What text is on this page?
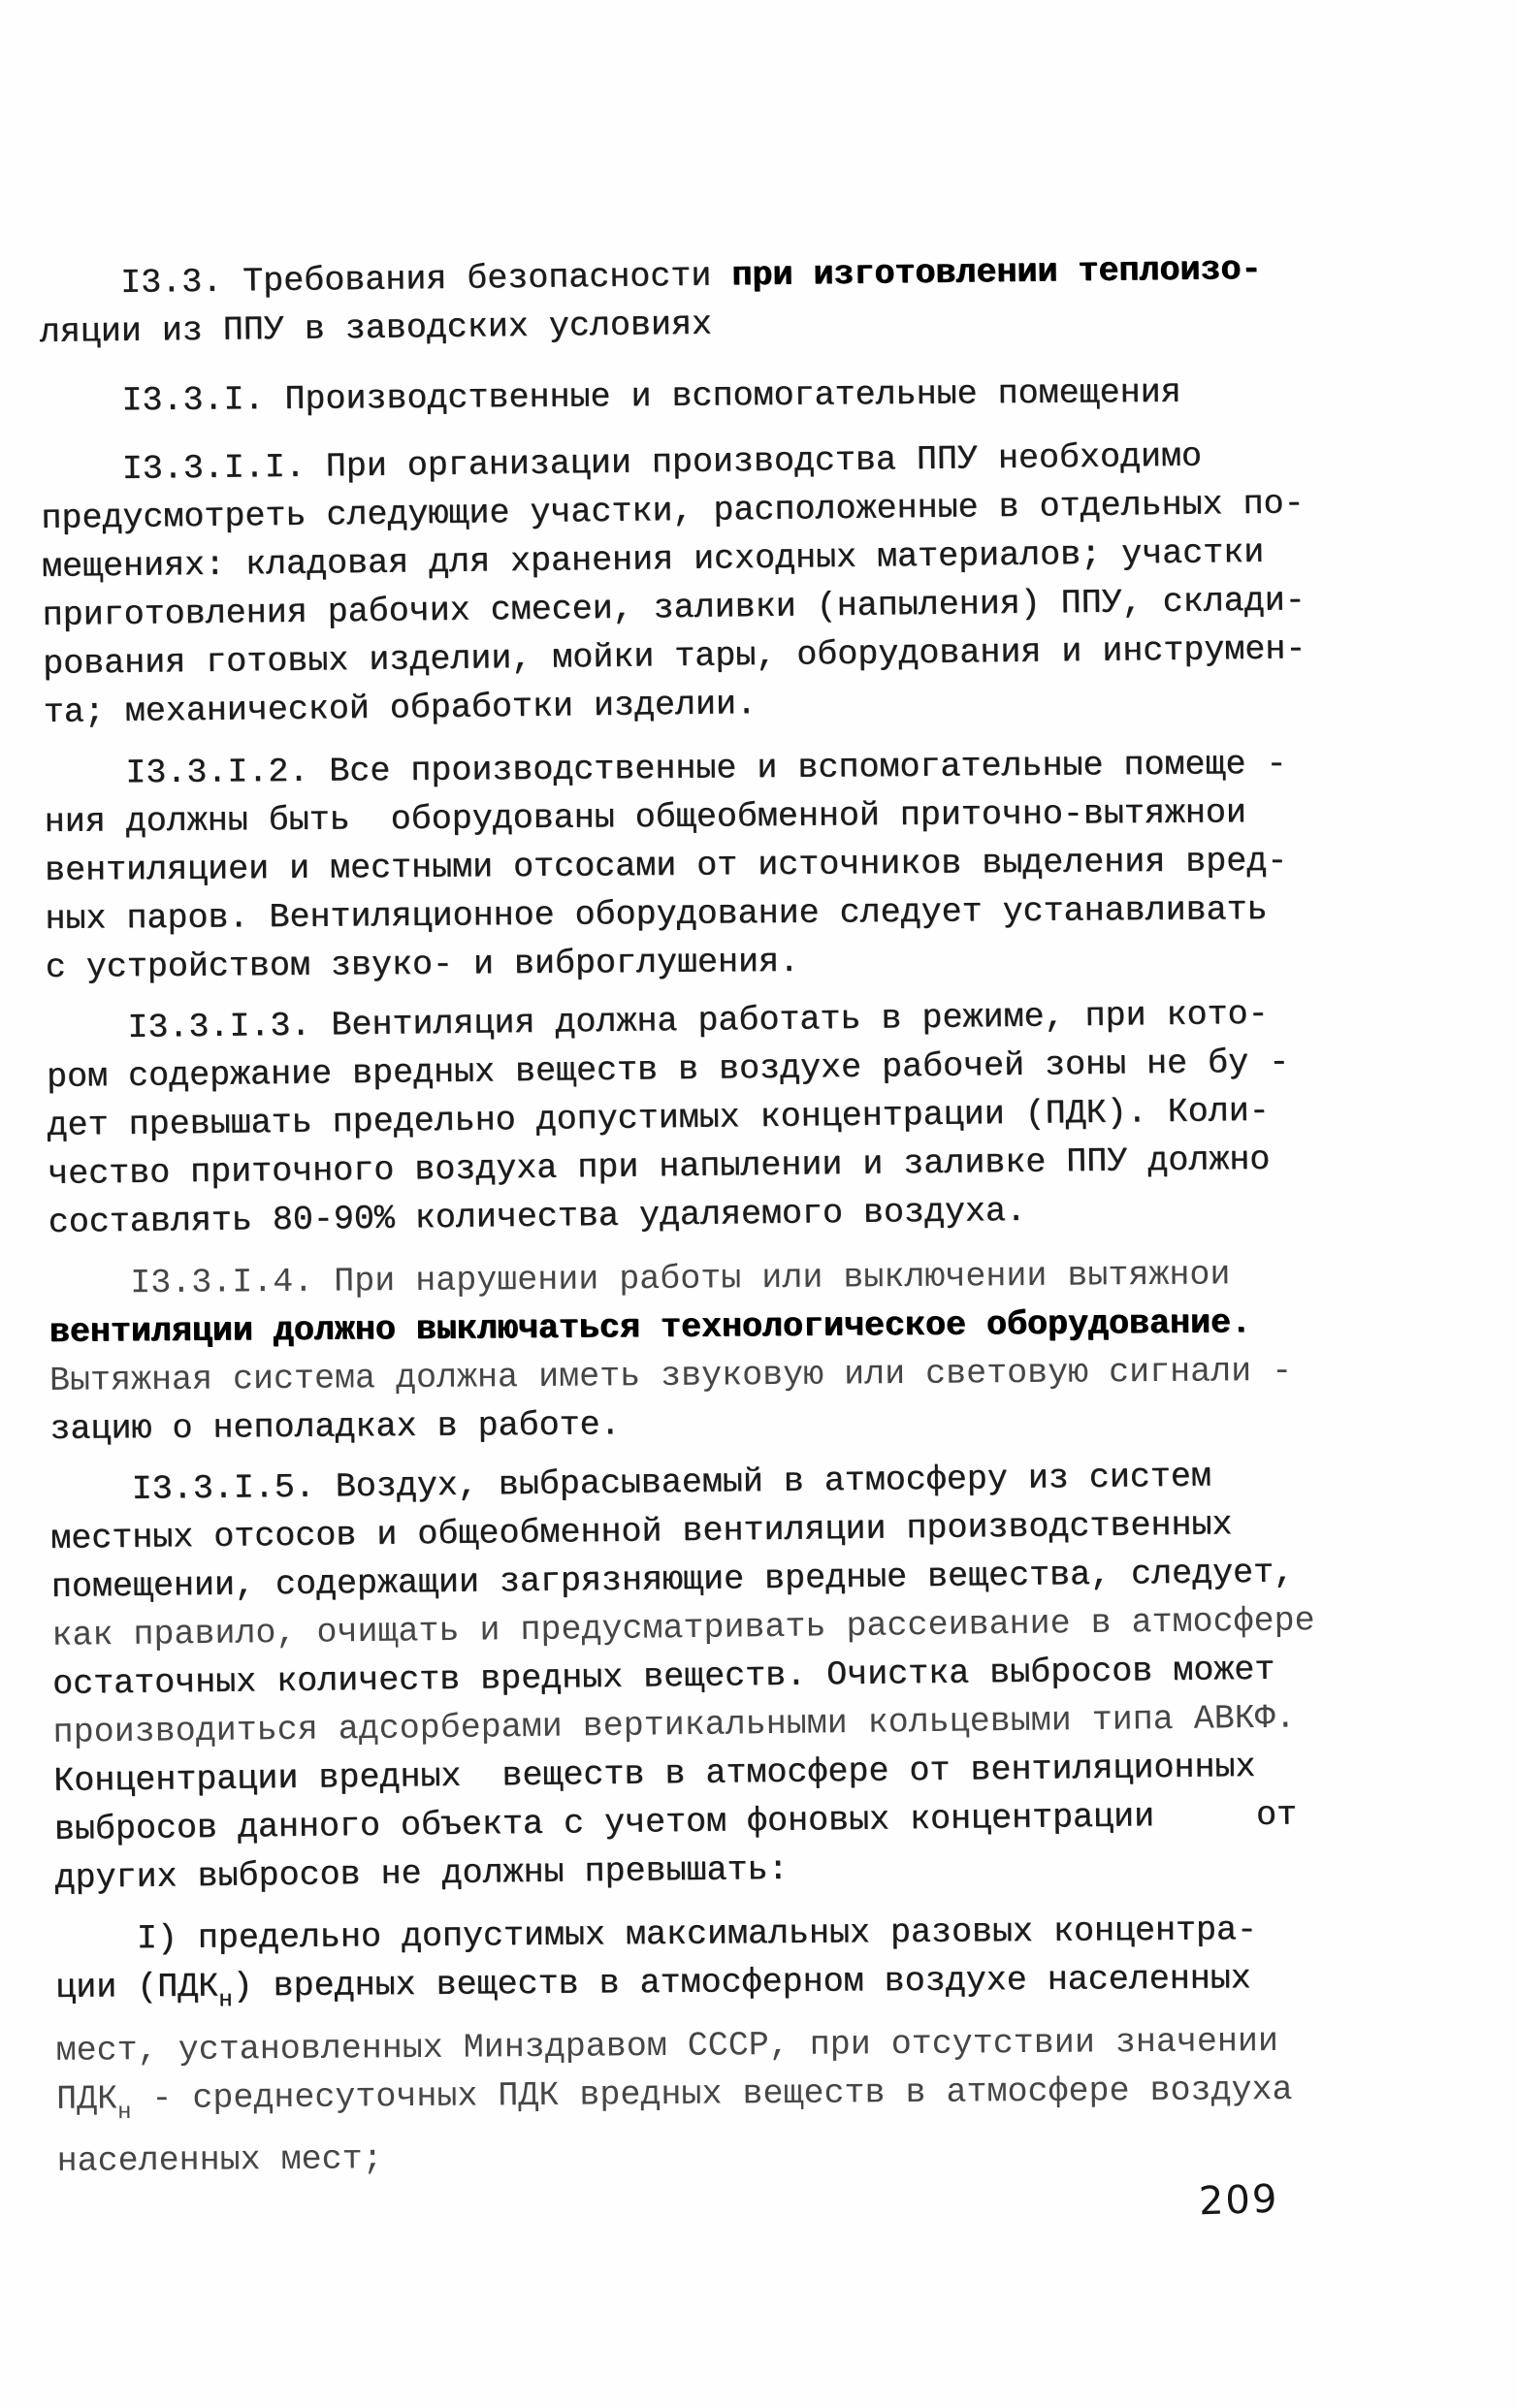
I3.3. Требования безопасности при изготовлении теплоизо-
ляции из ППУ в заводских условиях
I3.3.I. Производственные и вспомогательные помещения
I3.3.I.I. При организации производства ППУ необходимо
предусмотреть следующие участки, расположенные в отдельных по-
мещениях: кладовая для хранения исходных материалов; участки
приготовления рабочих смесеи, заливки (напыления) ППУ, склади-
рования готовых изделии, мойки тары, оборудования и инструмен-
та; механической обработки изделии.
I3.3.I.2. Все производственные и вспомогательные помеще -
ния должны быть  оборудованы общеобменной приточно-вытяжнои
вентиляциеи и местными отсосами от источников выделения вред-
ных паров. Вентиляционное оборудование следует устанавливать
с устройством звуко- и виброглушения.
I3.3.I.3. Вентиляция должна работать в режиме, при кото-
ром содержание вредных веществ в воздухе рабочей зоны не бу -
дет превышать предельно допустимых концентрации (ПДК). Коли-
чество приточного воздуха при напылении и заливке ППУ должно
составлять 80-90% количества удаляемого воздуха.
I3.3.I.4. При нарушении работы или выключении вытяжнои
вентиляции должно выключаться технологическое оборудование.
Вытяжная система должна иметь звуковую или световую сигнали -
зацию о неполадках в работе.
I3.3.I.5. Воздух, выбрасываемый в атмосферу из систем
местных отсосов и общеобменной вентиляции производственных
помещении, содержащии загрязняющие вредные вещества, следует,
как правило, очищать и предусматривать рассеивание в атмосфере
остаточных количеств вредных веществ. Очистка выбросов может
производиться адсорберами вертикальными кольцевыми типа АВКФ.
Концентрации вредных  веществ в атмосфере от вентиляционных
выбросов данного объекта с учетом фоновых концентрации     от
других выбросов не должны превышать:
I) предельно допустимых максимальных разовых концентра-
ции $(ПДК_н)$ вредных веществ в атмосферном воздухе населенных
мест, установленных Минздравом СССР, при отсутствии значении
$ПДК_н$ - среднесуточных ПДК вредных веществ в атмосфере воздуха
населенных мест;
209
